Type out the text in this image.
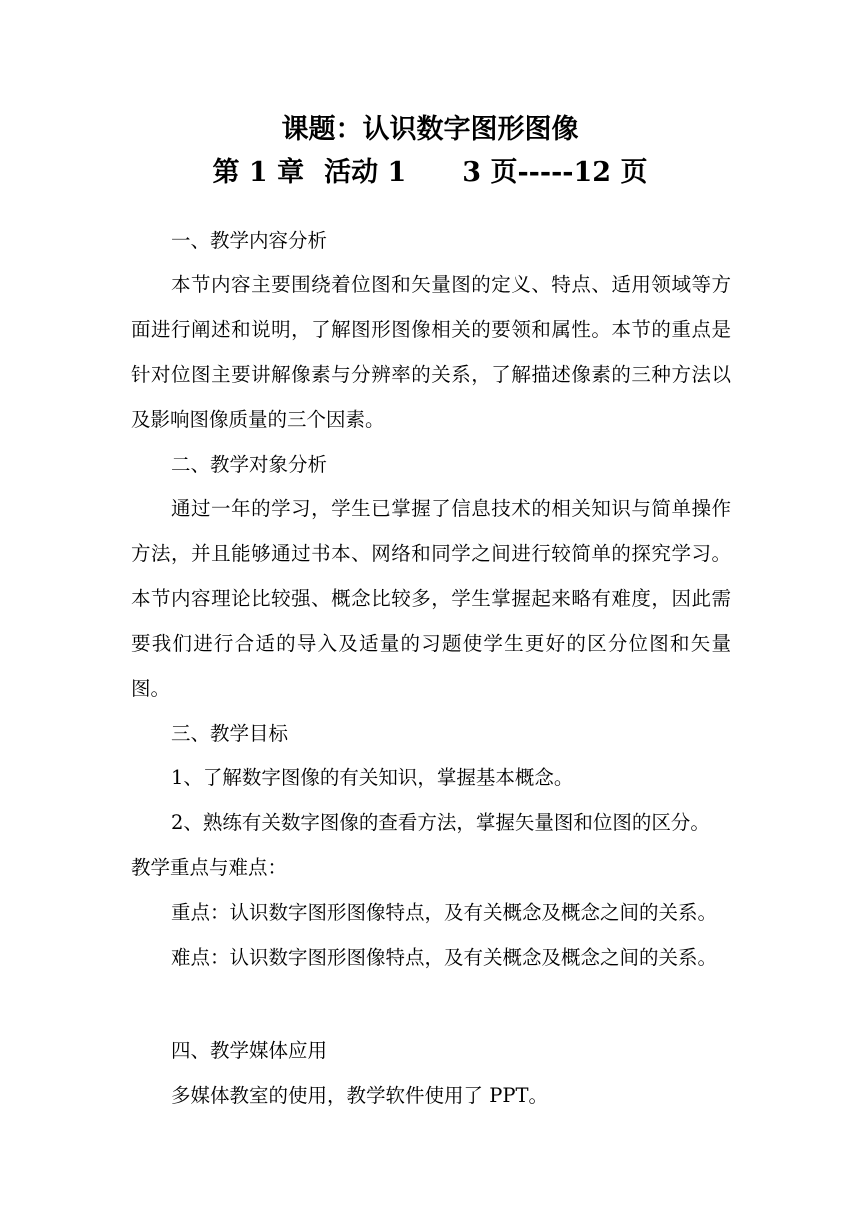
课题：认识数字图形图像
第 1 章 活动 1 3 页-----12 页
一、教学内容分析
本节内容主要围绕着位图和矢量图的定义、特点、适用领域等方
面进行阐述和说明，了解图形图像相关的要领和属性。本节的重点是
针对位图主要讲解像素与分辨率的关系，了解描述像素的三种方法以
及影响图像质量的三个因素。
二、教学对象分析
通过一年的学习，学生已掌握了信息技术的相关知识与简单操作
方法，并且能够通过书本、网络和同学之间进行较简单的探究学习。
本节内容理论比较强、概念比较多，学生掌握起来略有难度，因此需
要我们进行合适的导入及适量的习题使学生更好的区分位图和矢量
图。
三、教学目标
1、了解数字图像的有关知识，掌握基本概念。
2、熟练有关数字图像的查看方法，掌握矢量图和位图的区分。
教学重点与难点：
重点：认识数字图形图像特点，及有关概念及概念之间的关系。
难点：认识数字图形图像特点，及有关概念及概念之间的关系。
四、教学媒体应用
多媒体教室的使用，教学软件使用了 PPT。
